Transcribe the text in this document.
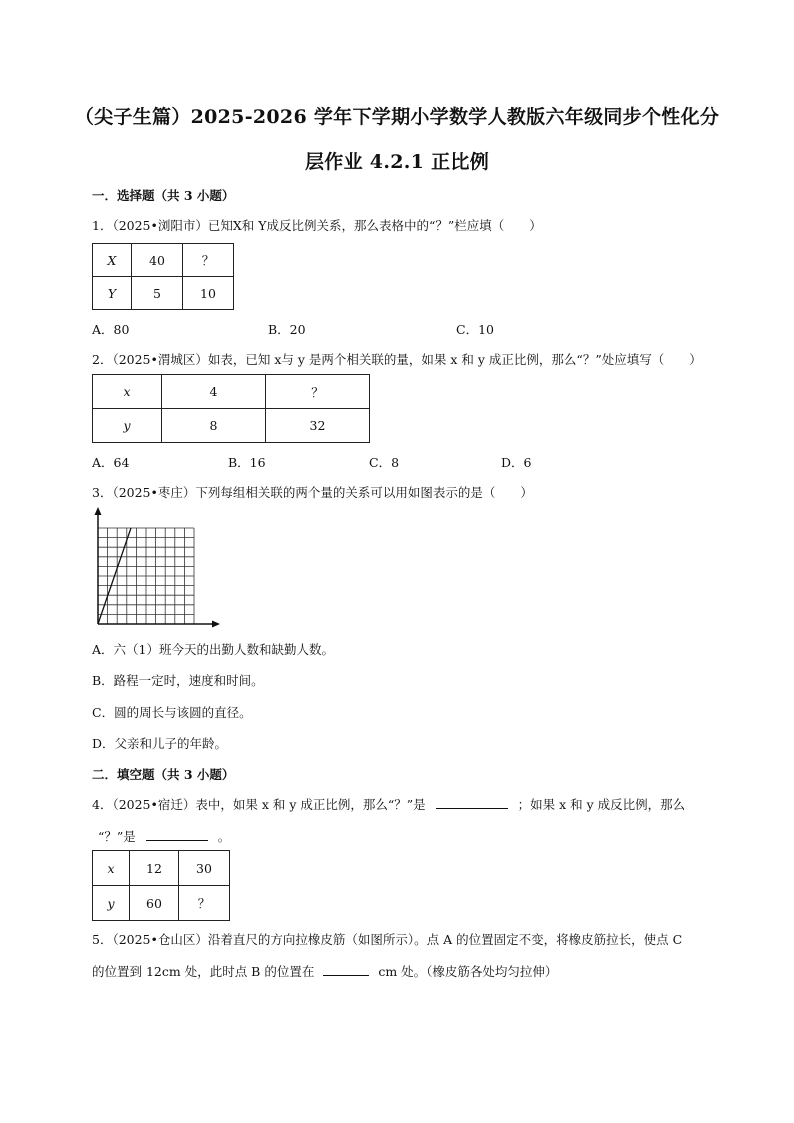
（尖子生篇）2025-2026 学年下学期小学数学人教版六年级同步个性化分
层作业 4.2.1 正比例
一．选择题（共 3 小题）
1．（2025•浏阳市）已知X和 Y成反比例关系，那么表格中的“？”栏应填（　　）
X	40	？
Y	5	10
A．80	B．20	C．10
2．（2025•渭城区）如表，已知 x与 y 是两个相关联的量，如果 x 和 y 成正比例，那么“？”处应填写（　　）
x	4	？
y	8	32
A．64	B．16	C．8	D．6
3．（2025•枣庄）下列每组相关联的两个量的关系可以用如图表示的是（　　）
A．六（1）班今天的出勤人数和缺勤人数。
B．路程一定时，速度和时间。
C．圆的周长与该圆的直径。
D．父亲和儿子的年龄。
二．填空题（共 3 小题）
4．（2025•宿迁）表中，如果 x 和 y 成正比例，那么“？”是	；如果 x 和 y 成反比例，那么
“？”是	。
x	12	30
y	60	？
5．（2025•仓山区）沿着直尺的方向拉橡皮筋（如图所示）。点 A 的位置固定不变，将橡皮筋拉长，使点 C
的位置到 12cm 处，此时点 B 的位置在	cm 处。（橡皮筋各处均匀拉伸）
